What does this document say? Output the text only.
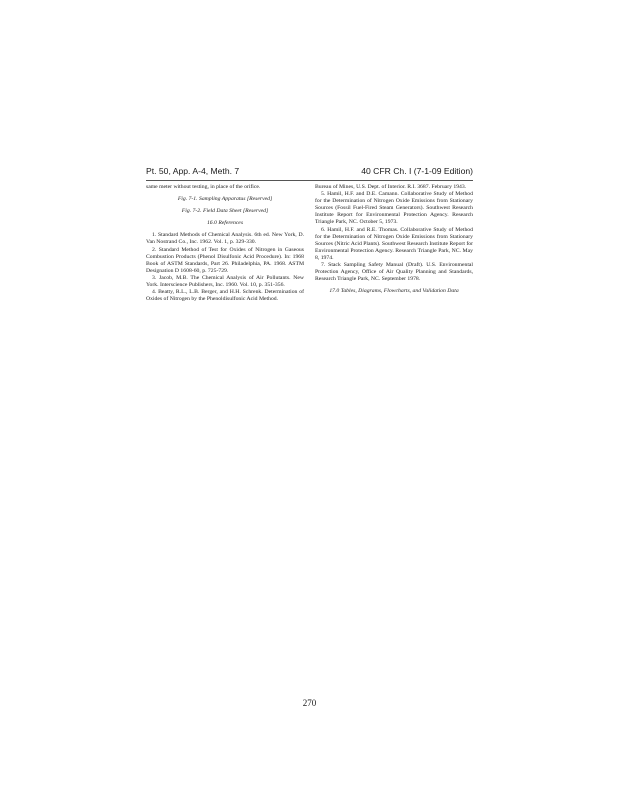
Pt. 50, App. A-4, Meth. 7	40 CFR Ch. I (7-1-09 Edition)

same meter without testing, in place of the orifice.

Fig. 7-1. Sampling Apparatus [Reserved]

Fig. 7-2. Field Data Sheet [Reserved]

16.0 References

1. Standard Methods of Chemical Analysis. 6th ed. New York, D. Van Nostrand Co., Inc. 1962. Vol. 1, p. 329-330.

2. Standard Method of Test for Oxides of Nitrogen in Gaseous Combustion Products (Phenol Disulfonic Acid Procedure). In: 1968 Book of ASTM Standards, Part 26. Philadelphia, PA. 1968. ASTM Designation D 1608-60, p. 725-729.

3. Jacob, M.B. The Chemical Analysis of Air Pollutants. New York. Interscience Publishers, Inc. 1960. Vol. 10, p. 351-356.

4. Beatty, R.L., L.B. Berger, and H.H. Schrenk. Determination of Oxides of Nitrogen by the Phenoldisulfonic Acid Method.

Bureau of Mines, U.S. Dept. of Interior. R.I. 3687. February 1943.

5. Hamil, H.F. and D.E. Camann. Collaborative Study of Method for the Determination of Nitrogen Oxide Emissions from Stationary Sources (Fossil Fuel-Fired Steam Generators). Southwest Research Institute Report for Environmental Protection Agency. Research Triangle Park, NC. October 5, 1973.

6. Hamil, H.F. and R.E. Thomas. Collaborative Study of Method for the Determination of Nitrogen Oxide Emissions from Stationary Sources (Nitric Acid Plants). Southwest Research Institute Report for Environmental Protection Agency. Research Triangle Park, NC. May 8, 1974.

7. Stack Sampling Safety Manual (Draft). U.S. Environmental Protection Agency, Office of Air Quality Planning and Standards, Research Triangle Park, NC. September 1978.

17.0 Tables, Diagrams, Flowcharts, and Validation Data

270
